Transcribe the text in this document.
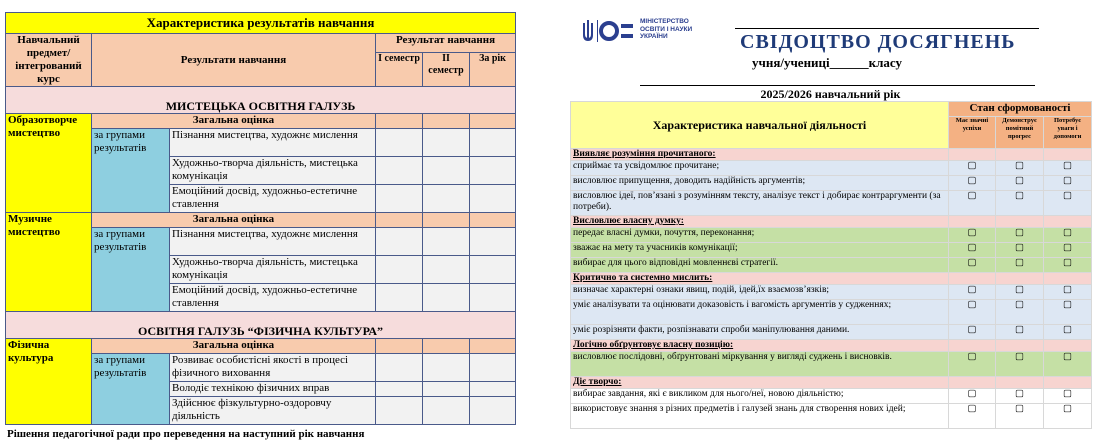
Характеристика результатів навчання					
Навчальний предмет/ інтегрований курс	Результати навчання		Результат навчання		
			І семестр	ІІ семестр	За рік
МИСТЕЦЬКА ОСВІТНЯ ГАЛУЗЬ					
Образотворче мистецтво	Загальна оцінка				
	за групами результатів	Пізнання мистецтва, художнє мислення			
		Художньо-творча діяльність, мистецька комунікація			
		Емоційний досвід, художньо-естетичне ставлення			
Музичне мистецтво	Загальна оцінка				
	за групами результатів	Пізнання мистецтва, художнє мислення			
		Художньо-творча діяльність, мистецька комунікація			
		Емоційний досвід, художньо-естетичне ставлення			
ОСВІТНЯ ГАЛУЗЬ “ФІЗИЧНА КУЛЬТУРА”					
Фізична культура	Загальна оцінка				
	за групами результатів	Розвиває особистісні якості в процесі фізичного виховання			
		Володіє технікою фізичних вправ			
		Здійснює фізкультурно-оздоровчу діяльність			
Рішення педагогічної ради про переведення на наступний рік навчання
МІНІСТЕРСТВО
ОСВІТИ І НАУКИ
УКРАЇНИ	СВІДОЦТВО ДОСЯГНЕНЬ
учня/учениці______класу
2025/2026 навчальний рік
Характеристика навчальної діяльності	Стан сформованості		
	Має значні успіхи	Демонструє помітний прогрес	Потребує уваги і допомоги
Виявляє розуміння прочитаного:			
сприймає та усвідомлює прочитане;	▢	▢	▢
висловлює припущення, доводить надійність аргументів;	▢	▢	▢
висловлює ідеї, пов’язані з розумінням тексту, аналізує текст і добирає контраргументи (за потреби).	▢	▢	▢
Висловлює власну думку:			
передає власні думки, почуття, переконання;	▢	▢	▢
зважає на мету та учасників комунікації;	▢	▢	▢
вибирає для цього відповідні мовленнєві стратегії.	▢	▢	▢
Критично та системно мислить:			
визначає характерні ознаки явищ, подій, ідей,їх взаємозв’язків;	▢	▢	▢
уміє аналізувати та оцінювати доказовість і вагомість аргументів у судженнях;	▢	▢	▢
уміє розрізняти факти, розпізнавати спроби маніпулювання даними.	▢	▢	▢
Логічно обґрунтовує власну позицію:			
висловлює послідовні, обґрунтовані міркування у вигляді суджень і висновків.	▢	▢	▢
Діє творчо:			
вибирає завдання, які є викликом для нього/неї, новою діяльністю;	▢	▢	▢
використовує знання з різних предметів і галузей знань для створення нових ідей;	▢	▢	▢
